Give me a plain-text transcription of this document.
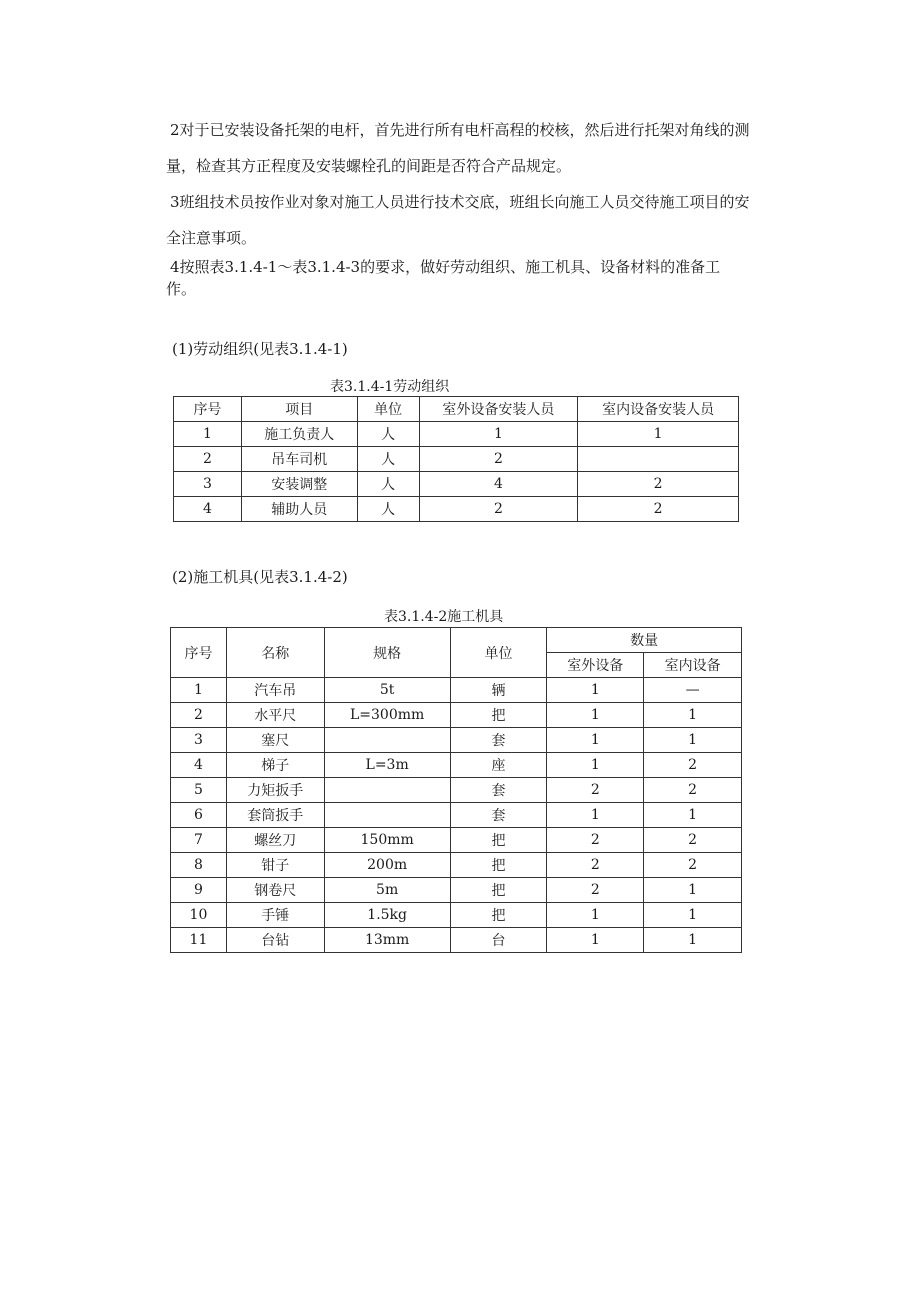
2对于已安装设备托架的电杆，首先进行所有电杆高程的校核，然后进行托架对角线的测
量，检查其方正程度及安装螺栓孔的间距是否符合产品规定。

3班组技术员按作业对象对施工人员进行技术交底，班组长向施工人员交待施工项目的安
全注意事项。

4按照表3.1.4-1～表3.1.4-3的要求，做好劳动组织、施工机具、设备材料的准备工
作。

(1)劳动组织(见表3.1.4-1)

表3.1.4-1劳动组织

序号	项目	单位	室外设备安装人员	室内设备安装人员
1	施工负责人	人	1	1
2	吊车司机	人	2	
3	安装调整	人	4	2
4	辅助人员	人	2	2

(2)施工机具(见表3.1.4-2)

表3.1.4-2施工机具

序号	名称	规格	单位	数量	
				室外设备	室内设备
1	汽车吊	5t	辆	1	—
2	水平尺	L=300mm	把	1	1
3	塞尺		套	1	1
4	梯子	L=3m	座	1	2
5	力矩扳手		套	2	2
6	套筒扳手		套	1	1
7	螺丝刀	150mm	把	2	2
8	钳子	200m	把	2	2
9	钢卷尺	5m	把	2	1
10	手锤	1.5kg	把	1	1
11	台钻	13mm	台	1	1
